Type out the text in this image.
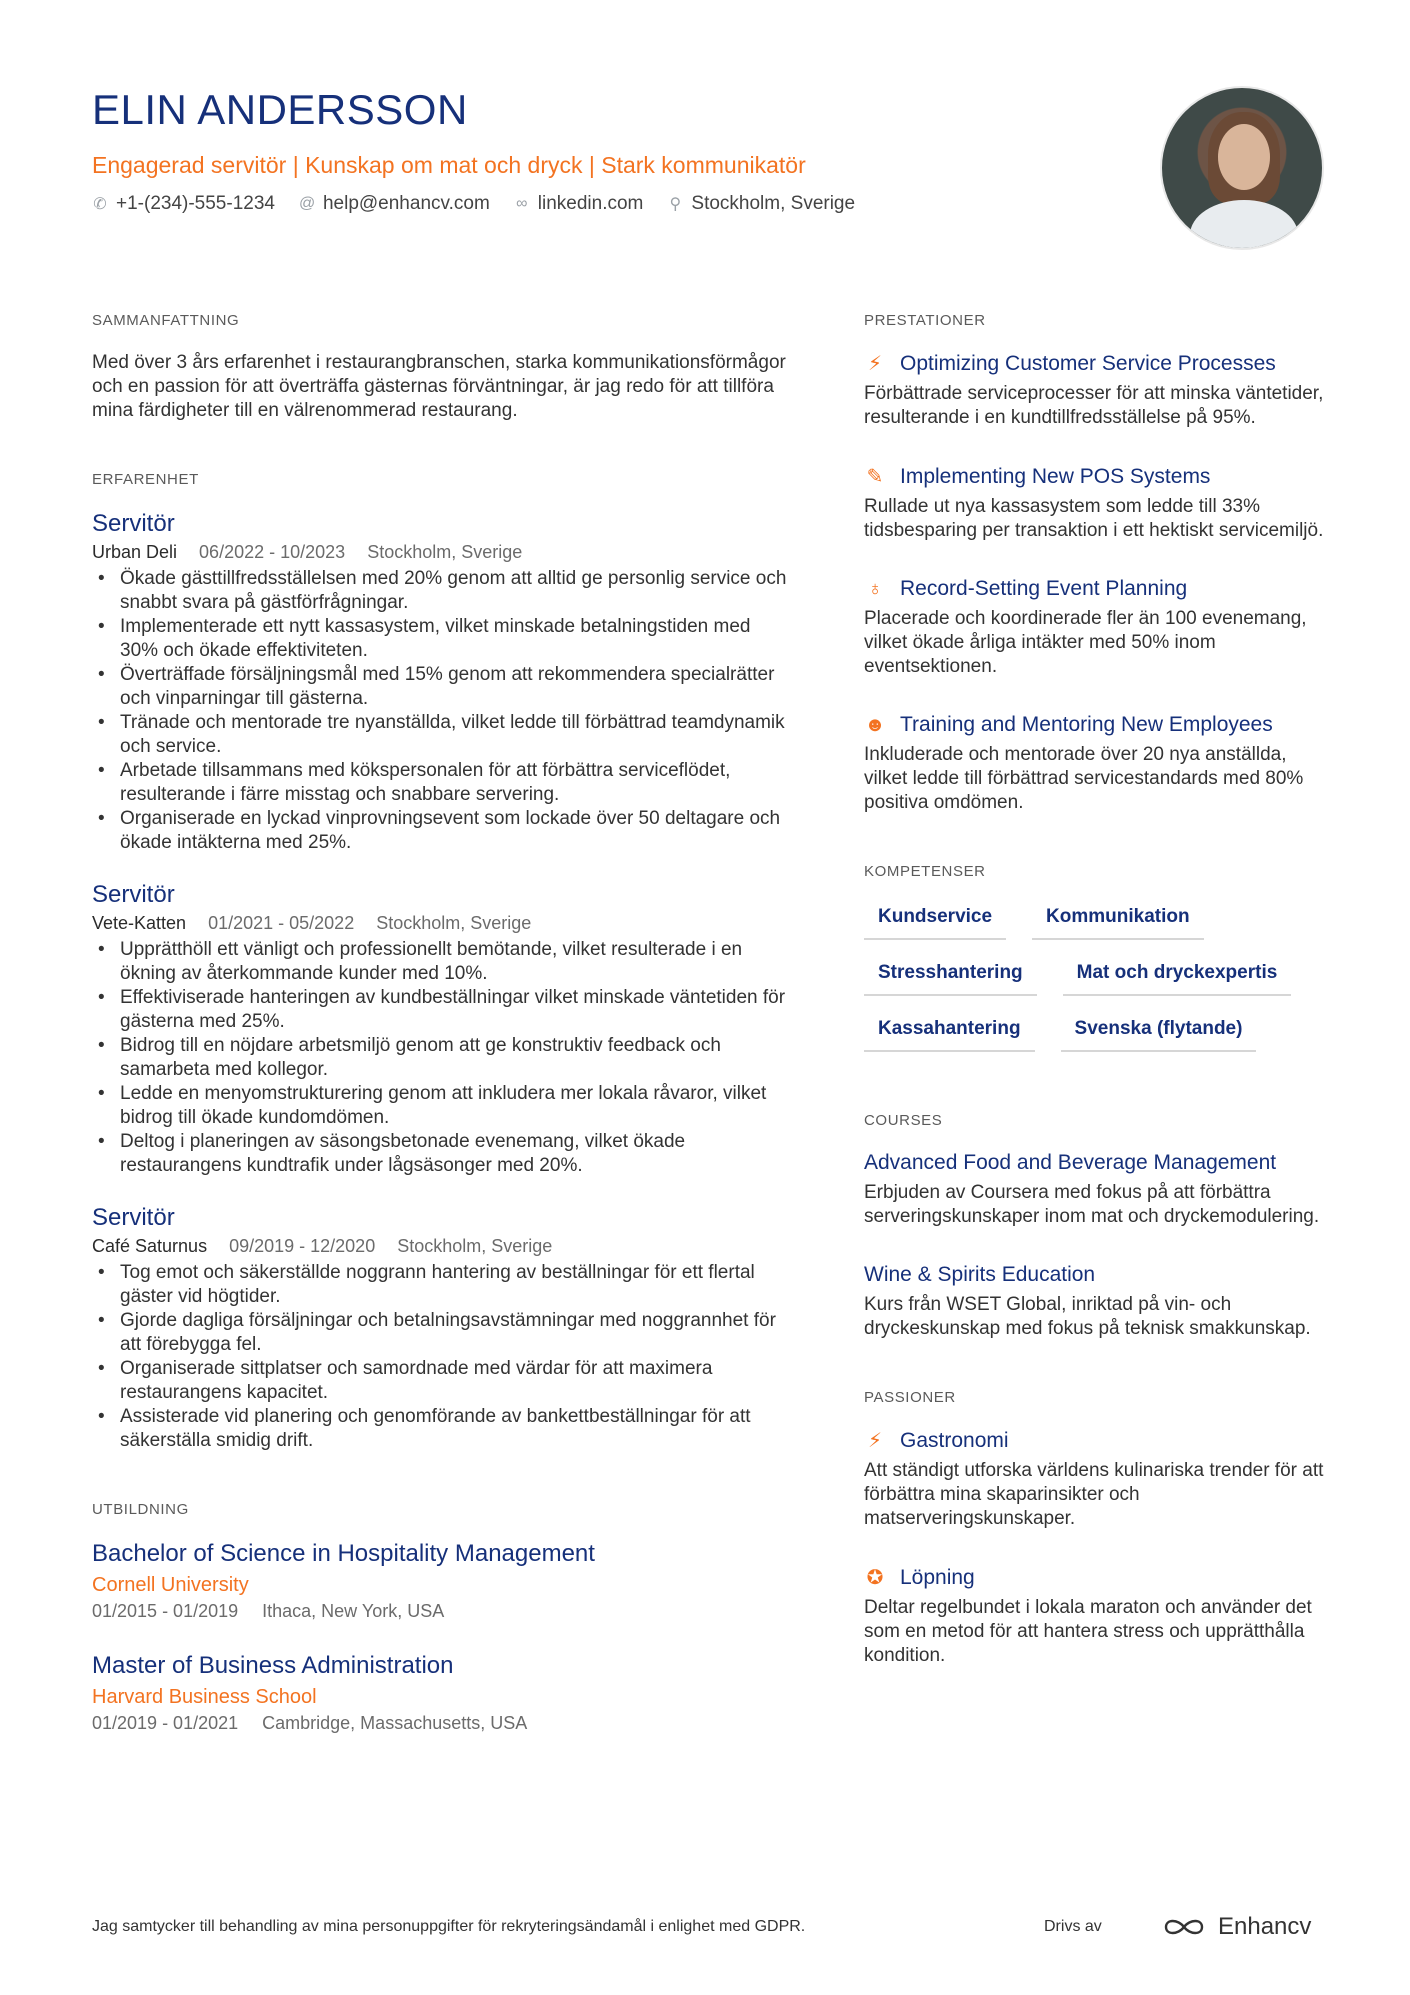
ELIN ANDERSSON
Engagerad servitör | Kunskap om mat och dryck | Stark kommunikatör
✆ +1-(234)-555-1234 @ help@enhancv.com ∞ linkedin.com ⚲ Stockholm, Sverige
SAMMANFATTNING
Med över 3 års erfarenhet i restaurangbranschen, starka kommunikationsförmågor och en passion för att överträffa gästernas förväntningar, är jag redo för att tillföra mina färdigheter till en välrenommerad restaurang.
ERFARENHET
Servitör
Urban Deli 06/2022 - 10/2023 Stockholm, Sverige
• Ökade gästtillfredsställelsen med 20% genom att alltid ge personlig service och snabbt svara på gästförfrågningar.
• Implementerade ett nytt kassasystem, vilket minskade betalningstiden med 30% och ökade effektiviteten.
• Överträffade försäljningsmål med 15% genom att rekommendera specialrätter och vinparningar till gästerna.
• Tränade och mentorade tre nyanställda, vilket ledde till förbättrad teamdynamik och service.
• Arbetade tillsammans med kökspersonalen för att förbättra serviceflödet, resulterande i färre misstag och snabbare servering.
• Organiserade en lyckad vinprovningsevent som lockade över 50 deltagare och ökade intäkterna med 25%.
Servitör
Vete-Katten 01/2021 - 05/2022 Stockholm, Sverige
• Upprätthöll ett vänligt och professionellt bemötande, vilket resulterade i en ökning av återkommande kunder med 10%.
• Effektiviserade hanteringen av kundbeställningar vilket minskade väntetiden för gästerna med 25%.
• Bidrog till en nöjdare arbetsmiljö genom att ge konstruktiv feedback och samarbeta med kollegor.
• Ledde en menyomstrukturering genom att inkludera mer lokala råvaror, vilket bidrog till ökade kundomdömen.
• Deltog i planeringen av säsongsbetonade evenemang, vilket ökade restaurangens kundtrafik under lågsäsonger med 20%.
Servitör
Café Saturnus 09/2019 - 12/2020 Stockholm, Sverige
• Tog emot och säkerställde noggrann hantering av beställningar för ett flertal gäster vid högtider.
• Gjorde dagliga försäljningar och betalningsavstämningar med noggrannhet för att förebygga fel.
• Organiserade sittplatser och samordnade med värdar för att maximera restaurangens kapacitet.
• Assisterade vid planering och genomförande av bankettbeställningar för att säkerställa smidig drift.
UTBILDNING
Bachelor of Science in Hospitality Management
Cornell University
01/2015 - 01/2019 Ithaca, New York, USA
Master of Business Administration
Harvard Business School
01/2019 - 01/2021 Cambridge, Massachusetts, USA
PRESTATIONER
⚡ Optimizing Customer Service Processes
Förbättrade serviceprocesser för att minska väntetider, resulterande i en kundtillfredsställelse på 95%.
✎ Implementing New POS Systems
Rullade ut nya kassasystem som ledde till 33% tidsbesparing per transaktion i ett hektiskt servicemiljö.
♁ Record-Setting Event Planning
Placerade och koordinerade fler än 100 evenemang, vilket ökade årliga intäkter med 50% inom eventsektionen.
☻ Training and Mentoring New Employees
Inkluderade och mentorade över 20 nya anställda, vilket ledde till förbättrad servicestandards med 80% positiva omdömen.
KOMPETENSER
Kundservice	Kommunikation
Stresshantering	Mat och dryckexpertis
Kassahantering	Svenska (flytande)
COURSES
Advanced Food and Beverage Management
Erbjuden av Coursera med fokus på att förbättra serveringskunskaper inom mat och dryckemodulering.
Wine & Spirits Education
Kurs från WSET Global, inriktad på vin- och dryckeskunskap med fokus på teknisk smakkunskap.
PASSIONER
⚡ Gastronomi
Att ständigt utforska världens kulinariska trender för att förbättra mina skaparinsikter och matserveringskunskaper.
✪ Löpning
Deltar regelbundet i lokala maraton och använder det som en metod för att hantera stress och upprätthålla kondition.
Jag samtycker till behandling av mina personuppgifter för rekryteringsändamål i enlighet med GDPR.	Drivs av	Enhancv
